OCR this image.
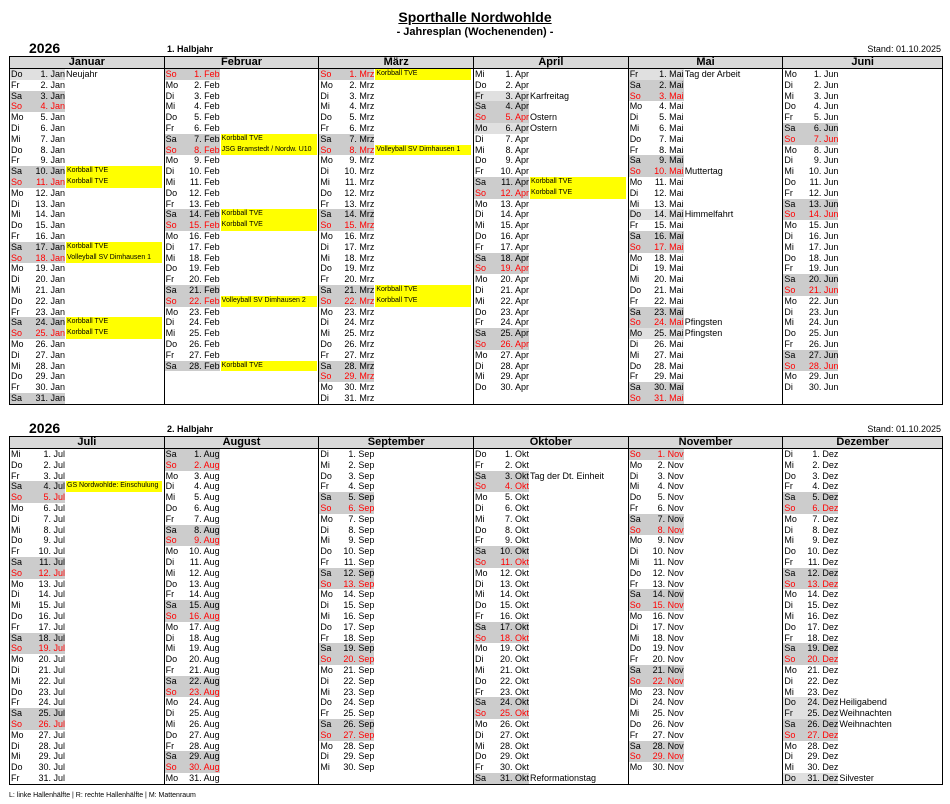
Sporthalle Nordwohlde
- Jahresplan (Wochenenden) -
2026	1. Halbjahr	Stand: 01.10.2025
Januar
Do 1. Jan Neujahr
Fr 2. Jan
Sa 3. Jan
So 4. Jan
Mo 5. Jan
Di 6. Jan
Mi 7. Jan
Do 8. Jan
Fr 9. Jan
Sa 10. Jan Korbball TVE
So 11. Jan Korbball TVE
Mo 12. Jan
Di 13. Jan
Mi 14. Jan
Do 15. Jan
Fr 16. Jan
Sa 17. Jan Korbball TVE
So 18. Jan Volleyball SV Dimhausen 1
Mo 19. Jan
Di 20. Jan
Mi 21. Jan
Do 22. Jan
Fr 23. Jan
Sa 24. Jan Korbball TVE
So 25. Jan Korbball TVE
Mo 26. Jan
Di 27. Jan
Mi 28. Jan
Do 29. Jan
Fr 30. Jan
Sa 31. Jan
Februar
So 1. Feb
Mo 2. Feb
Di 3. Feb
Mi 4. Feb
Do 5. Feb
Fr 6. Feb
Sa 7. Feb Korbball TVE
So 8. Feb JSG Bramstedt / Nordw. U10
Mo 9. Feb
Di 10. Feb
Mi 11. Feb
Do 12. Feb
Fr 13. Feb
Sa 14. Feb Korbball TVE
So 15. Feb Korbball TVE
Mo 16. Feb
Di 17. Feb
Mi 18. Feb
Do 19. Feb
Fr 20. Feb
Sa 21. Feb
So 22. Feb Volleyball SV Dimhausen 2
Mo 23. Feb
Di 24. Feb
Mi 25. Feb
Do 26. Feb
Fr 27. Feb
Sa 28. Feb Korbball TVE
März
So 1. Mrz Korbball TVE
Mo 2. Mrz
Di 3. Mrz
Mi 4. Mrz
Do 5. Mrz
Fr 6. Mrz
Sa 7. Mrz
So 8. Mrz Volleyball SV Dimhausen 1
Mo 9. Mrz
Di 10. Mrz
Mi 11. Mrz
Do 12. Mrz
Fr 13. Mrz
Sa 14. Mrz
So 15. Mrz
Mo 16. Mrz
Di 17. Mrz
Mi 18. Mrz
Do 19. Mrz
Fr 20. Mrz
Sa 21. Mrz Korbball TVE
So 22. Mrz Korbball TVE
Mo 23. Mrz
Di 24. Mrz
Mi 25. Mrz
Do 26. Mrz
Fr 27. Mrz
Sa 28. Mrz
So 29. Mrz
Mo 30. Mrz
Di 31. Mrz
April
Mi 1. Apr
Do 2. Apr
Fr 3. Apr Karfreitag
Sa 4. Apr
So 5. Apr Ostern
Mo 6. Apr Ostern
Di 7. Apr
Mi 8. Apr
Do 9. Apr
Fr 10. Apr
Sa 11. Apr Korbball TVE
So 12. Apr Korbball TVE
Mo 13. Apr
Di 14. Apr
Mi 15. Apr
Do 16. Apr
Fr 17. Apr
Sa 18. Apr
So 19. Apr
Mo 20. Apr
Di 21. Apr
Mi 22. Apr
Do 23. Apr
Fr 24. Apr
Sa 25. Apr
So 26. Apr
Mo 27. Apr
Di 28. Apr
Mi 29. Apr
Do 30. Apr
Mai
Fr 1. Mai Tag der Arbeit
Sa 2. Mai
So 3. Mai
Mo 4. Mai
Di 5. Mai
Mi 6. Mai
Do 7. Mai
Fr 8. Mai
Sa 9. Mai
So 10. Mai Muttertag
Mo 11. Mai
Di 12. Mai
Mi 13. Mai
Do 14. Mai Himmelfahrt
Fr 15. Mai
Sa 16. Mai
So 17. Mai
Mo 18. Mai
Di 19. Mai
Mi 20. Mai
Do 21. Mai
Fr 22. Mai
Sa 23. Mai
So 24. Mai Pfingsten
Mo 25. Mai Pfingsten
Di 26. Mai
Mi 27. Mai
Do 28. Mai
Fr 29. Mai
Sa 30. Mai
So 31. Mai
Juni
Mo 1. Jun
Di 2. Jun
Mi 3. Jun
Do 4. Jun
Fr 5. Jun
Sa 6. Jun
So 7. Jun
Mo 8. Jun
Di 9. Jun
Mi 10. Jun
Do 11. Jun
Fr 12. Jun
Sa 13. Jun
So 14. Jun
Mo 15. Jun
Di 16. Jun
Mi 17. Jun
Do 18. Jun
Fr 19. Jun
Sa 20. Jun
So 21. Jun
Mo 22. Jun
Di 23. Jun
Mi 24. Jun
Do 25. Jun
Fr 26. Jun
Sa 27. Jun
So 28. Jun
Mo 29. Jun
Di 30. Jun
2026	2. Halbjahr	Stand: 01.10.2025
Juli
Mi	1. Jul
Do 2. Jul
Fr	3. Jul
Sa 4. Jul GS Nordwohlde: Einschulung
So 5. Jul
Mo 6. Jul
Di	7. Jul
Mi	8. Jul
Do 9. Jul
Fr 10. Jul
Sa 11. Jul
So 12. Jul
Mo 13. Jul
Di 14. Jul
Mi 15. Jul
Do 16. Jul
Fr 17. Jul
Sa 18. Jul
So 19. Jul
Mo 20. Jul
Di 21. Jul
Mi 22. Jul
Do 23. Jul
Fr 24. Jul
Sa 25. Jul
So 26. Jul
Mo 27. Jul
Di 28. Jul
Mi 29. Jul
Do 30. Jul
Fr 31. Jul
August
Sa 1. Aug
So 2. Aug
Mo 3. Aug
Di 4. Aug
Mi 5. Aug
Do 6. Aug
Fr 7. Aug
Sa 8. Aug
So 9. Aug
Mo 10. Aug
Di 11. Aug
Mi 12. Aug
Do 13. Aug
Fr 14. Aug
Sa 15. Aug
So 16. Aug
Mo 17. Aug
Di 18. Aug
Mi 19. Aug
Do 20. Aug
Fr 21. Aug
Sa 22. Aug
So 23. Aug
Mo 24. Aug
Di 25. Aug
Mi 26. Aug
Do 27. Aug
Fr 28. Aug
Sa 29. Aug
So 30. Aug
Mo 31. Aug
September
Di 1. Sep
Mi 2. Sep
Do 3. Sep
Fr 4. Sep
Sa 5. Sep
So 6. Sep
Mo 7. Sep
Di 8. Sep
Mi 9. Sep
Do 10. Sep
Fr 11. Sep
Sa 12. Sep
So 13. Sep
Mo 14. Sep
Di 15. Sep
Mi 16. Sep
Do 17. Sep
Fr 18. Sep
Sa 19. Sep
So 20. Sep
Mo 21. Sep
Di 22. Sep
Mi 23. Sep
Do 24. Sep
Fr 25. Sep
Sa 26. Sep
So 27. Sep
Mo 28. Sep
Di 29. Sep
Mi 30. Sep
Oktober
Do 1. Okt
Fr 2. Okt
Sa 3. Okt Tag der Dt. Einheit
So 4. Okt
Mo 5. Okt
Di 6. Okt
Mi 7. Okt
Do 8. Okt
Fr 9. Okt
Sa 10. Okt
So 11. Okt
Mo 12. Okt
Di 13. Okt
Mi 14. Okt
Do 15. Okt
Fr 16. Okt
Sa 17. Okt
So 18. Okt
Mo 19. Okt
Di 20. Okt
Mi 21. Okt
Do 22. Okt
Fr 23. Okt
Sa 24. Okt
So 25. Okt
Mo 26. Okt
Di 27. Okt
Mi 28. Okt
Do 29. Okt
Fr 30. Okt
Sa 31. Okt Reformationstag
November
So 1. Nov
Mo 2. Nov
Di 3. Nov
Mi 4. Nov
Do 5. Nov
Fr 6. Nov
Sa 7. Nov
So 8. Nov
Mo 9. Nov
Di 10. Nov
Mi 11. Nov
Do 12. Nov
Fr 13. Nov
Sa 14. Nov
So 15. Nov
Mo 16. Nov
Di 17. Nov
Mi 18. Nov
Do 19. Nov
Fr 20. Nov
Sa 21. Nov
So 22. Nov
Mo 23. Nov
Di 24. Nov
Mi 25. Nov
Do 26. Nov
Fr 27. Nov
Sa 28. Nov
So 29. Nov
Mo 30. Nov
Dezember
Di 1. Dez
Mi 2. Dez
Do 3. Dez
Fr 4. Dez
Sa 5. Dez
So 6. Dez
Mo 7. Dez
Di 8. Dez
Mi 9. Dez
Do 10. Dez
Fr 11. Dez
Sa 12. Dez
So 13. Dez
Mo 14. Dez
Di 15. Dez
Mi 16. Dez
Do 17. Dez
Fr 18. Dez
Sa 19. Dez
So 20. Dez
Mo 21. Dez
Di 22. Dez
Mi 23. Dez
Do 24. Dez Heiligabend
Fr 25. Dez Weihnachten
Sa 26. Dez Weihnachten
So 27. Dez
Mo 28. Dez
Di 29. Dez
Mi 30. Dez
Do 31. Dez Silvester
L: linke Hallenhälfte | R: rechte Hallenhälfte | M: Mattenraum
